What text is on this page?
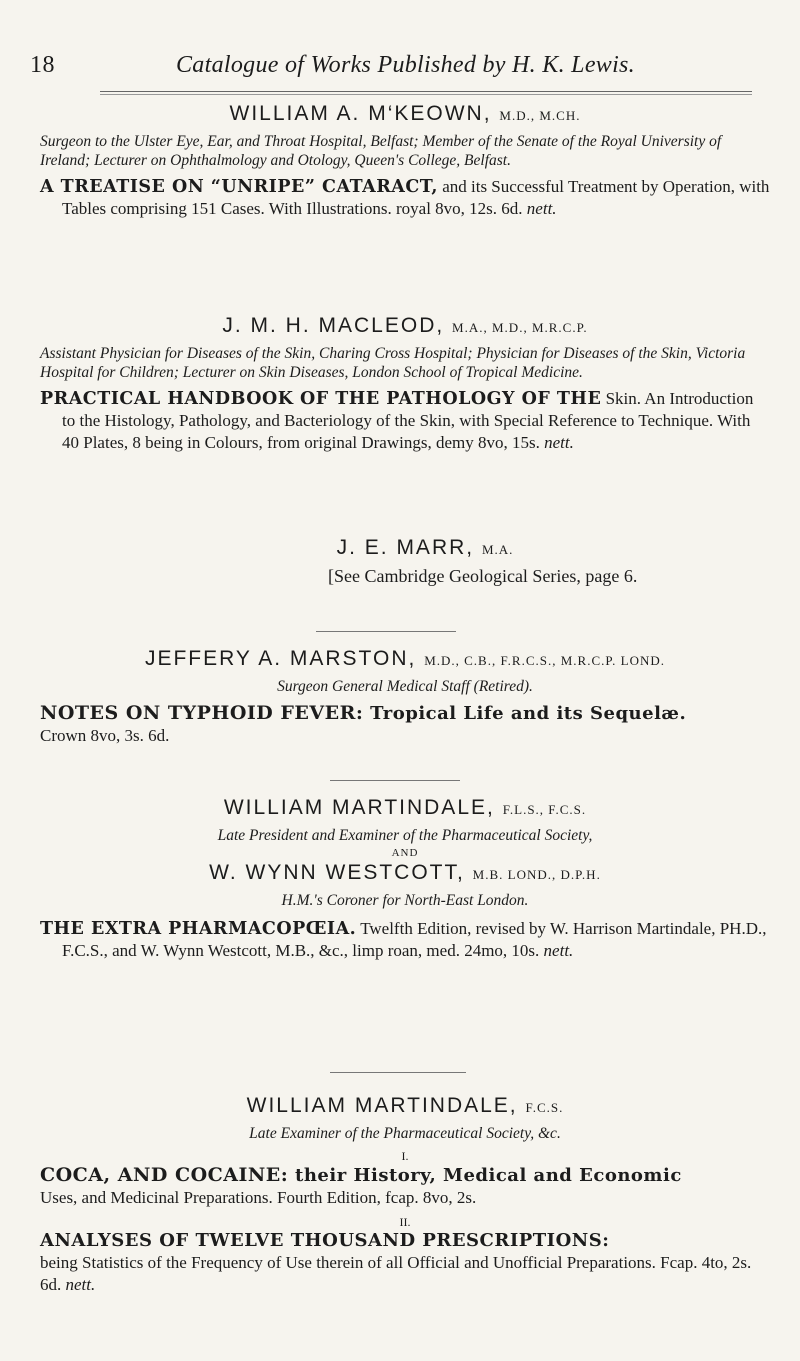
18	Catalogue of Works Published by H. K. Lewis.

WILLIAM A. M‘KEOWN, M.D., M.CH.

Surgeon to the Ulster Eye, Ear, and Throat Hospital, Belfast; Member of the Senate of the Royal University of Ireland; Lecturer on Ophthalmology and Otology, Queen's College, Belfast.

A TREATISE ON “UNRIPE” CATARACT, and its Successful Treatment by Operation, with Tables comprising 151 Cases. With Illustrations. royal 8vo, 12s. 6d. nett.

J. M. H. MACLEOD, M.A., M.D., M.R.C.P.

Assistant Physician for Diseases of the Skin, Charing Cross Hospital; Physician for Diseases of the Skin, Victoria Hospital for Children; Lecturer on Skin Diseases, London School of Tropical Medicine.

PRACTICAL HANDBOOK OF THE PATHOLOGY OF THE Skin. An Introduction to the Histology, Pathology, and Bacteriology of the Skin, with Special Reference to Technique. With 40 Plates, 8 being in Colours, from original Drawings, demy 8vo, 15s. nett.

J. E. MARR, M.A.

[See Cambridge Geological Series, page 6.

JEFFERY A. MARSTON, M.D., C.B., F.R.C.S., M.R.C.P. LOND.

Surgeon General Medical Staff (Retired).

NOTES ON TYPHOID FEVER: Tropical Life and its Sequelæ.

Crown 8vo, 3s. 6d.

WILLIAM MARTINDALE, F.L.S., F.C.S.

Late President and Examiner of the Pharmaceutical Society,

AND

W. WYNN WESTCOTT, M.B. LOND., D.P.H.

H.M.'s Coroner for North-East London.

THE EXTRA PHARMACOPŒIA. Twelfth Edition, revised by W. Harrison Martindale, PH.D., F.C.S., and W. Wynn Westcott, M.B., &c., limp roan, med. 24mo, 10s. nett.

WILLIAM MARTINDALE, F.C.S.

Late Examiner of the Pharmaceutical Society, &c.

I.

COCA, AND COCAINE: their History, Medical and Economic

Uses, and Medicinal Preparations. Fourth Edition, fcap. 8vo, 2s.

II.

ANALYSES OF TWELVE THOUSAND PRESCRIPTIONS:

being Statistics of the Frequency of Use therein of all Official and Unofficial Preparations. Fcap. 4to, 2s. 6d. nett.
